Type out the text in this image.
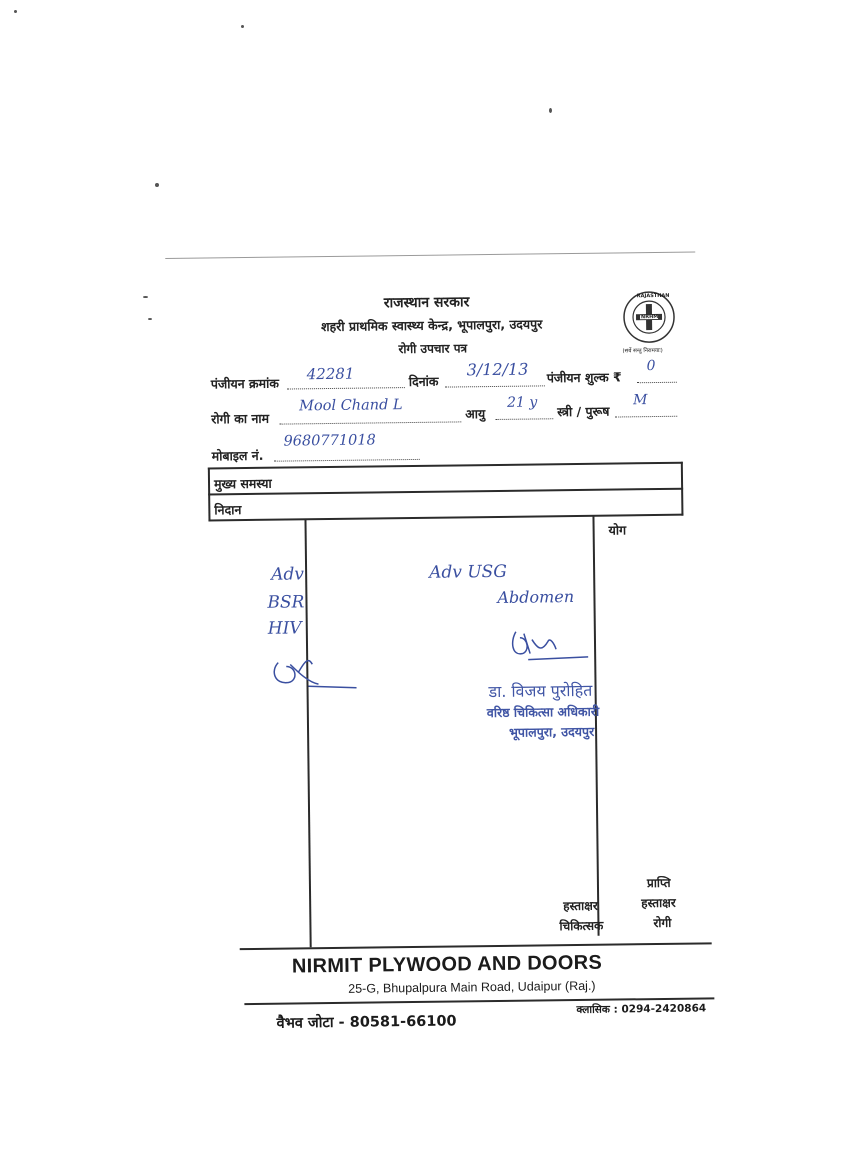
राजस्थान सरकार
शहरी प्राथमिक स्वास्थ्य केन्द्र, भूपालपुरा, उदयपुर
रोगी उपचार पत्र
RAJASTHAN
NRHM
(सर्वे सन्तु निरामयाः)
पंजीयन क्रमांक
42281	दिनांक
3/12/13 पंजीयन शुल्क ₹
0
रोगी का नाम
Mool Chand L	आयु
21 y
स्त्री / पुरूष
M
मोबाइल नं.
9680771018
मुख्य समस्या
निदान
योग
Adv
BSR
HIV
Adv USG
Abdomen
डा. विजय पुरोहित
वरिष्ठ चिकित्सा अधिकारी
भूपालपुरा, उदयपुर
हस्ताक्षर
चिकित्सक
प्राप्ति
हस्ताक्षर
रोगी
NIRMIT PLYWOOD AND DOORS
25-G, Bhupalpura Main Road, Udaipur (Raj.)
वैभव जोटा - 80581-66100
क्लासिक : 0294-2420864
